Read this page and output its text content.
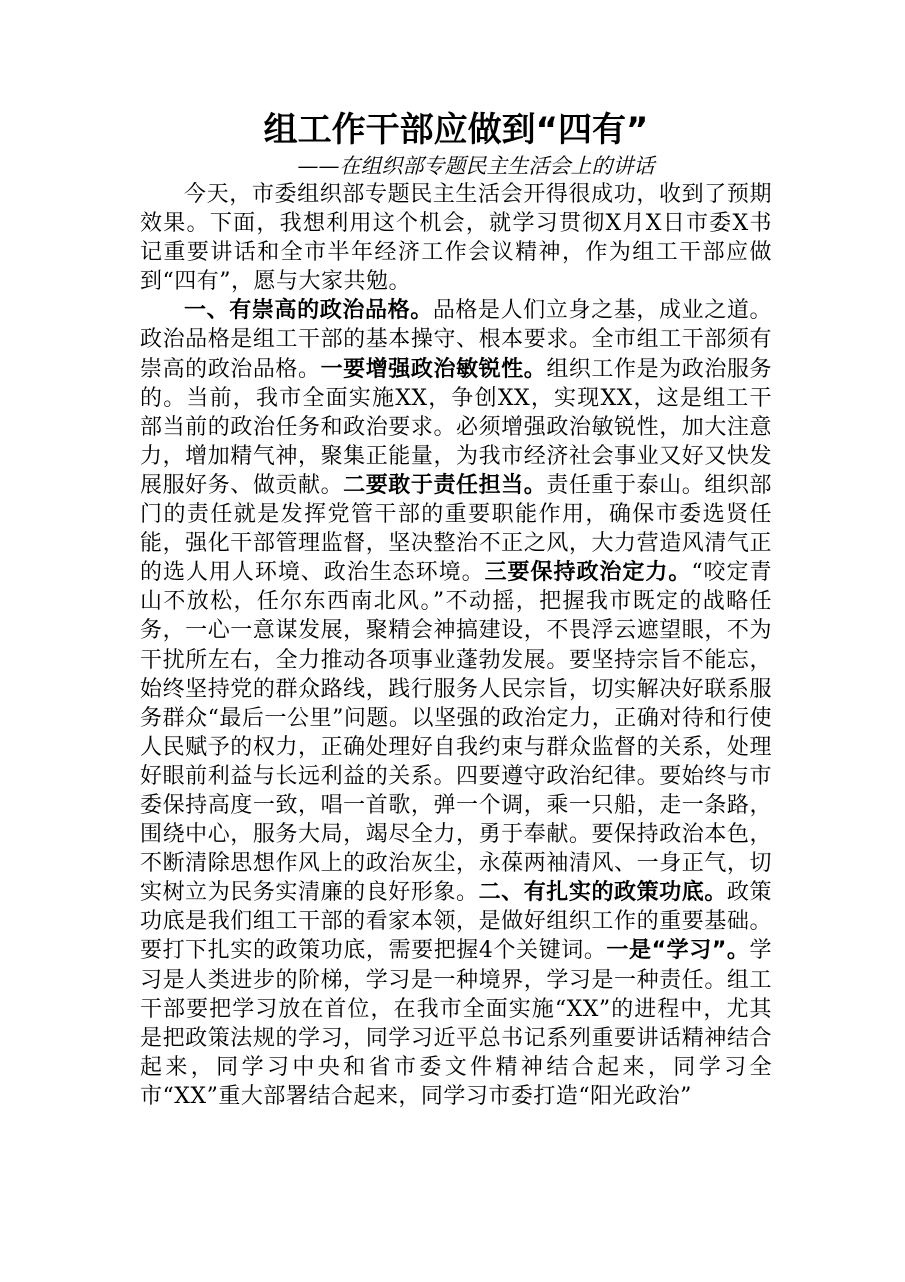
组工作干部应做到“四有”

——在组织部专题民主生活会上的讲话

今天，市委组织部专题民主生活会开得很成功，收到了预期效果。下面，我想利用这个机会，就学习贯彻X月X日市委X书记重要讲话和全市半年经济工作会议精神，作为组工干部应做到“四有”，愿与大家共勉。

一、有崇高的政治品格。品格是人们立身之基，成业之道。政治品格是组工干部的基本操守、根本要求。全市组工干部须有崇高的政治品格。一要增强政治敏锐性。组织工作是为政治服务的。当前，我市全面实施XX，争创XX，实现XX，这是组工干部当前的政治任务和政治要求。必须增强政治敏锐性，加大注意力，增加精气神，聚集正能量，为我市经济社会事业又好又快发展服好务、做贡献。二要敢于责任担当。责任重于泰山。组织部门的责任就是发挥党管干部的重要职能作用，确保市委选贤任能，强化干部管理监督，坚决整治不正之风，大力营造风清气正的选人用人环境、政治生态环境。三要保持政治定力。“咬定青山不放松，任尔东西南北风。”不动摇，把握我市既定的战略任务，一心一意谋发展，聚精会神搞建设，不畏浮云遮望眼，不为干扰所左右，全力推动各项事业蓬勃发展。要坚持宗旨不能忘，始终坚持党的群众路线，践行服务人民宗旨，切实解决好联系服务群众“最后一公里”问题。以坚强的政治定力，正确对待和行使人民赋予的权力，正确处理好自我约束与群众监督的关系，处理好眼前利益与长远利益的关系。四要遵守政治纪律。要始终与市委保持高度一致，唱一首歌，弹一个调，乘一只船，走一条路，围绕中心，服务大局，竭尽全力，勇于奉献。要保持政治本色，不断清除思想作风上的政治灰尘，永葆两袖清风、一身正气，切实树立为民务实清廉的良好形象。二、有扎实的政策功底。政策功底是我们组工干部的看家本领，是做好组织工作的重要基础。要打下扎实的政策功底，需要把握4个关键词。一是“学习”。学习是人类进步的阶梯，学习是一种境界，学习是一种责任。组工干部要把学习放在首位，在我市全面实施“XX”的进程中，尤其是把政策法规的学习，同学习近平总书记系列重要讲话精神结合起来，同学习中央和省市委文件精神结合起来，同学习全市“XX”重大部署结合起来，同学习市委打造“阳光政治”
